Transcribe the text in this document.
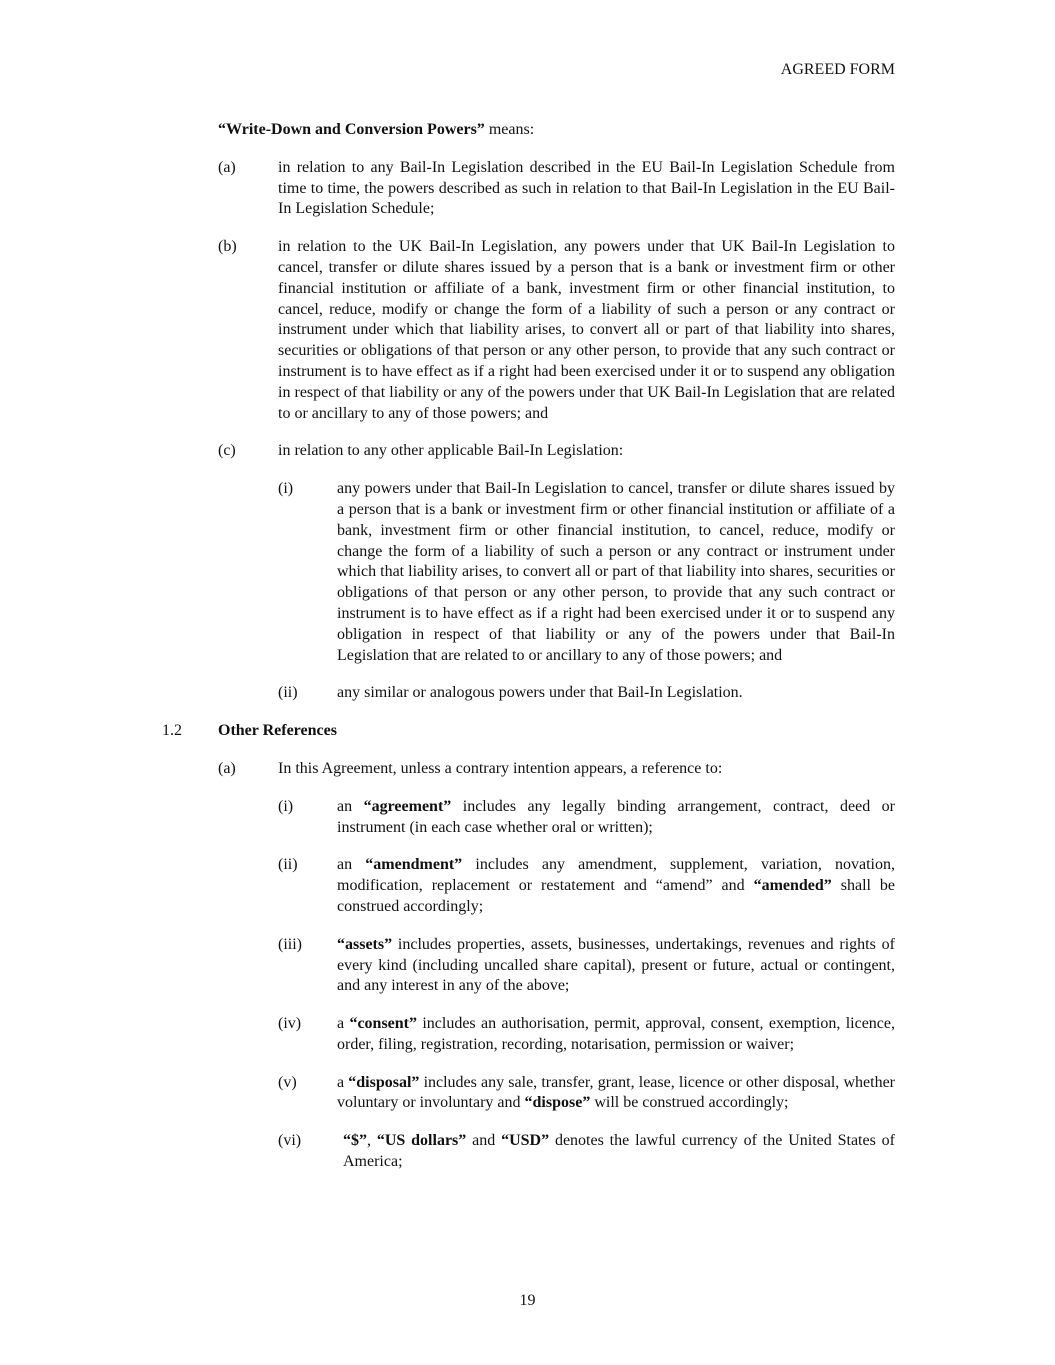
AGREED FORM

“Write-Down and Conversion Powers” means:

(a)	in relation to any Bail-In Legislation described in the EU Bail-In Legislation Schedule from time to time, the powers described as such in relation to that Bail-In Legislation in the EU Bail-In Legislation Schedule;

(b)	in relation to the UK Bail-In Legislation, any powers under that UK Bail-In Legislation to cancel, transfer or dilute shares issued by a person that is a bank or investment firm or other financial institution or affiliate of a bank, investment firm or other financial institution, to cancel, reduce, modify or change the form of a liability of such a person or any contract or instrument under which that liability arises, to convert all or part of that liability into shares, securities or obligations of that person or any other person, to provide that any such contract or instrument is to have effect as if a right had been exercised under it or to suspend any obligation in respect of that liability or any of the powers under that UK Bail-In Legislation that are related to or ancillary to any of those powers; and

(c)	in relation to any other applicable Bail-In Legislation:

(i)	any powers under that Bail-In Legislation to cancel, transfer or dilute shares issued by a person that is a bank or investment firm or other financial institution or affiliate of a bank, investment firm or other financial institution, to cancel, reduce, modify or change the form of a liability of such a person or any contract or instrument under which that liability arises, to convert all or part of that liability into shares, securities or obligations of that person or any other person, to provide that any such contract or instrument is to have effect as if a right had been exercised under it or to suspend any obligation in respect of that liability or any of the powers under that Bail-In Legislation that are related to or ancillary to any of those powers; and

(ii)	any similar or analogous powers under that Bail-In Legislation.

1.2	Other References
(a)	In this Agreement, unless a contrary intention appears, a reference to:

(i)	an “agreement” includes any legally binding arrangement, contract, deed or instrument (in each case whether oral or written);

(ii)	an “amendment” includes any amendment, supplement, variation, novation, modification, replacement or restatement and “amend” and “amended” shall be construed accordingly;

(iii)	“assets” includes properties, assets, businesses, undertakings, revenues and rights of every kind (including uncalled share capital), present or future, actual or contingent, and any interest in any of the above;

(iv)	a “consent” includes an authorisation, permit, approval, consent, exemption, licence, order, filing, registration, recording, notarisation, permission or waiver;

(v)	a “disposal” includes any sale, transfer, grant, lease, licence or other disposal, whether voluntary or involuntary and “dispose” will be construed accordingly;

(vi)	“$”, “US dollars” and “USD” denotes the lawful currency of the United States of America;

19
